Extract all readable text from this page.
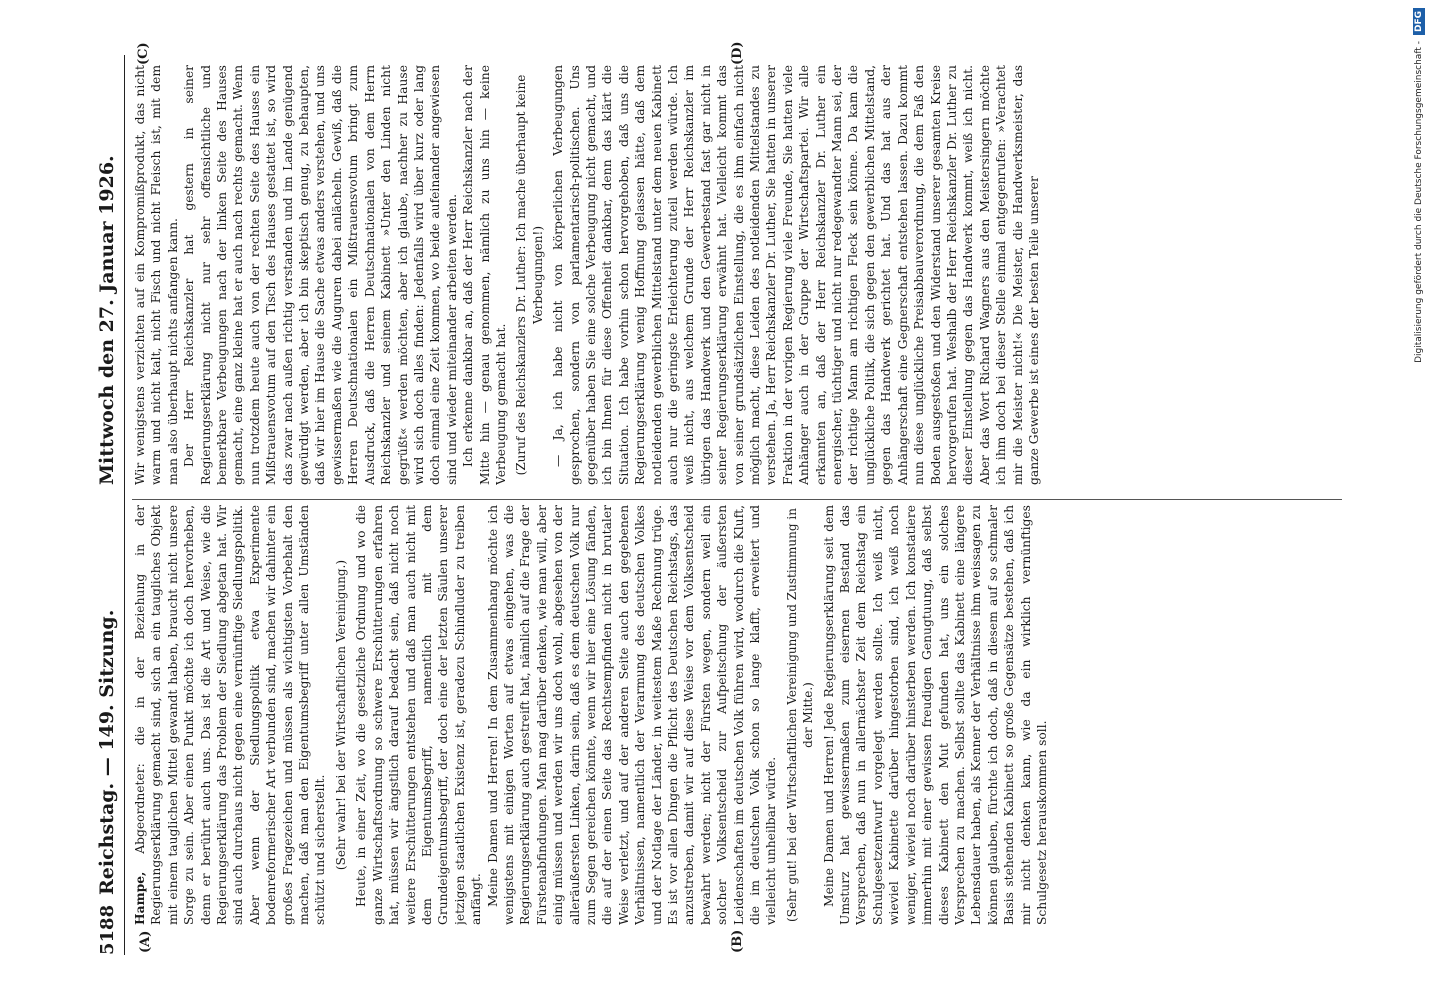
5188
Reichstag. — 149. Sitzung.
Mittwoch den 27. Januar 1926.
(A)	(B)
(C)	(D)

Hampe, Abgeordneter: die in der Beziehung in der Regierungserklärung gemacht sind, sich an ein taugliches Objekt mit einem tauglichen Mittel gewandt haben, braucht nicht unsere Sorge zu sein. Aber einen Punkt möchte ich doch hervorheben, denn er berührt auch uns. Das ist die Art und Weise, wie die Regierungserklärung das Problem der Siedlung abgetan hat. Wir sind auch durchaus nicht gegen eine vernünftige Siedlungspolitik. Aber wenn der Siedlungspolitik etwa Experimente bodenreformerischer Art verbunden sind, machen wir dahinter ein großes Fragezeichen und müssen als wichtigsten Vorbehalt den machen, daß man den Eigentumsbegriff unter allen Umständen schützt und sicherstellt. (Sehr wahr! bei der Wirtschaftlichen Vereinigung.) Heute, in einer Zeit, wo die gesetzliche Ordnung und wo die ganze Wirtschaftsordnung so schwere Erschütterungen erfahren hat, müssen wir ängstlich darauf bedacht sein, daß nicht noch weitere Erschütterungen entstehen und daß man auch nicht mit dem Eigentumsbegriff, namentlich mit dem Grundeigentumsbegriff, der doch eine der letzten Säulen unserer jetzigen staatlichen Existenz ist, geradezu Schindluder zu treiben anfängt. Meine Damen und Herren! In dem Zusammenhang möchte ich wenigstens mit einigen Worten auf etwas eingehen, was die Regierungserklärung auch gestreift hat, nämlich auf die Frage der Fürstenabfindungen. Man mag darüber denken, wie man will, aber einig müssen und werden wir uns doch wohl, abgesehen von der alleräußersten Linken, darin sein, daß es dem deutschen Volk nur zum Segen gereichen könnte, wenn wir hier eine Lösung fänden, die auf der einen Seite das Rechtsempfinden nicht in brutaler Weise verletzt, und auf der anderen Seite auch den gegebenen Verhältnissen, namentlich der Verarmung des deutschen Volkes und der Notlage der Länder, in weitestem Maße Rechnung trüge. Es ist vor allen Dingen die Pflicht des Deutschen Reichstags, das anzustreben, damit wir auf diese Weise vor dem Volksentscheid bewahrt werden; nicht der Fürsten wegen, sondern weil ein solcher Volksentscheid zur Aufpeitschung der äußersten Leidenschaften im deutschen Volk führen wird, wodurch die Kluft, die im deutschen Volk schon so lange klafft, erweitert und vielleicht unheilbar würde. (Sehr gut! bei der Wirtschaftlichen Vereinigung und Zustimmung in der Mitte.) Meine Damen und Herren! Jede Regierungserklärung seit dem Umsturz hat gewissermaßen zum eisernen Bestand das Versprechen, daß nun in allernächster Zeit dem Reichstag ein Schulgesetzentwurf vorgelegt werden sollte. Ich weiß nicht, wieviel Kabinette darüber hingestorben sind, ich weiß noch weniger, wieviel noch darüber hinsterben werden. Ich konstatiere immerhin mit einer gewissen freudigen Genugtuung, daß selbst dieses Kabinett den Mut gefunden hat, uns ein solches Versprechen zu machen. Selbst sollte das Kabinett eine längere Lebensdauer haben, als Kenner der Verhältnisse ihm weissagen zu können glauben, fürchte ich doch, daß in diesem auf so schmaler Basis stehenden Kabinett so große Gegensätze bestehen, daß ich mir nicht denken kann, wie da ein wirklich vernünftiges Schulgesetz herauskommen soll.

Wir wenigstens verzichten auf ein Kompromißprodukt, das nicht warm und nicht kalt, nicht Fisch und nicht Fleisch ist, mit dem man also überhaupt nichts anfangen kann. Der Herr Reichskanzler hat gestern in seiner Regierungserklärung nicht nur sehr offensichtliche und bemerkbare Verbeugungen nach der linken Seite des Hauses gemacht, eine ganz kleine hat er auch nach rechts gemacht. Wenn nun trotzdem heute auch von der rechten Seite des Hauses ein Mißtrauensvotum auf den Tisch des Hauses gestattet ist, so wird das zwar nach außen richtig verstanden und im Lande genügend gewürdigt werden, aber ich bin skeptisch genug, zu behaupten, daß wir hier im Hause die Sache etwas anders verstehen, und uns gewissermaßen wie die Auguren dabei anlächeln. Gewiß, daß die Herren Deutschnationalen ein Mißtrauensvotum bringt zum Ausdruck, daß die Herren Deutschnationalen von dem Herrn Reichskanzler und seinem Kabinett »Unter den Linden nicht gegrüßt« werden möchten, aber ich glaube, nachher zu Hause wird sich doch alles finden: Jedenfalls wird über kurz oder lang doch einmal eine Zeit kommen, wo beide aufeinander angewiesen sind und wieder miteinander arbeiten werden. Ich erkenne dankbar an, daß der Herr Reichskanzler nach der Mitte hin — genau genommen, nämlich zu uns hin — keine Verbeugung gemacht hat. (Zuruf des Reichskanzlers Dr. Luther: Ich mache überhaupt keine Verbeugungen!) — Ja, ich habe nicht von körperlichen Verbeugungen gesprochen, sondern von parlamentarisch-politischen. Uns gegenüber haben Sie eine solche Verbeugung nicht gemacht, und ich bin Ihnen für diese Offenheit dankbar, denn das klärt die Situation. Ich habe vorhin schon hervorgehoben, daß uns die Regierungserklärung wenig Hoffnung gelassen hätte, daß dem notleidenden gewerblichen Mittelstand unter dem neuen Kabinett auch nur die geringste Erleichterung zuteil werden würde. Ich weiß nicht, aus welchem Grunde der Herr Reichskanzler im übrigen das Handwerk und den Gewerbestand fast gar nicht in seiner Regierungserklärung erwähnt hat. Vielleicht kommt das von seiner grundsätzlichen Einstellung, die es ihm einfach nicht möglich macht, diese Leiden des notleidenden Mittelstandes zu verstehen. Ja, Herr Reichskanzler Dr. Luther, Sie hatten in unserer Fraktion in der vorigen Regierung viele Freunde, Sie hatten viele Anhänger auch in der Gruppe der Wirtschaftspartei. Wir alle erkannten an, daß der Herr Reichskanzler Dr. Luther ein energischer, tüchtiger und nicht nur redegewandter Mann sei, der der richtige Mann am richtigen Fleck sein könne. Da kam die unglückliche Politik, die sich gegen den gewerblichen Mittelstand, gegen das Handwerk gerichtet hat. Und das hat aus der Anhängerschaft eine Gegnerschaft entstehen lassen. Dazu kommt nun diese unglückliche Preisabbauverordnung, die dem Faß den Boden ausgestoßen und den Widerstand unserer gesamten Kreise hervorgerufen hat. Weshalb der Herr Reichskanzler Dr. Luther zu dieser Einstellung gegen das Handwerk kommt, weiß ich nicht. Aber das Wort Richard Wagners aus den Meistersingern möchte ich ihm doch bei dieser Stelle einmal entgegenrufen: »Verachtet mir die Meister nicht!« Die Meister, die Handwerksmeister, das ganze Gewerbe ist eines der besten Teile unserer	Digitalisierung gefördert durch die Deutsche Forschungsgemeinschaft -
DFG
